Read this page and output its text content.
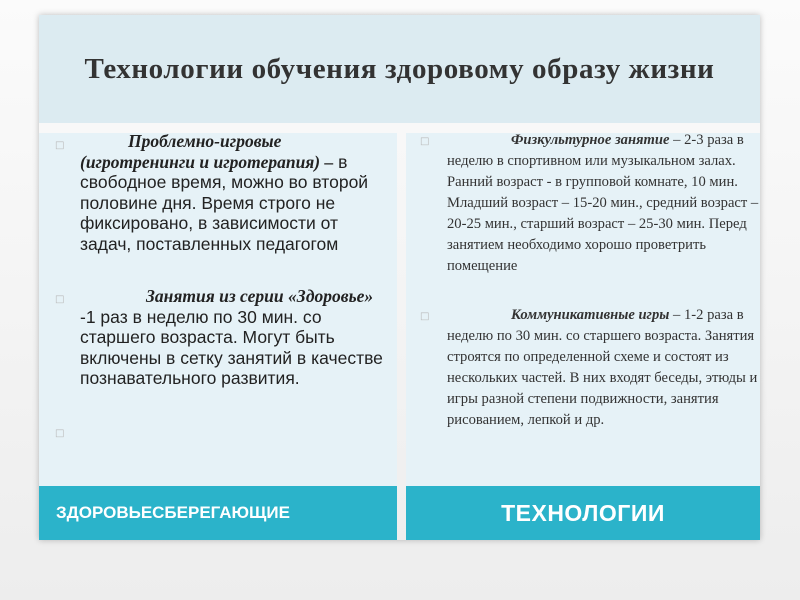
Технологии обучения здоровому образу жизни
ЗДОРОВЬЕСБЕРЕГАЮЩИЕ	ТЕХНОЛОГИИ
□	Проблемно-игровые (игротренинги и игротерапия) – в свободное время, можно во второй половине дня. Время строго не фиксировано, в зависимости от задач, поставленных педагогом
□	Занятия из серии «Здоровье» -1 раз в неделю по 30 мин. со старшего возраста. Могут быть включены в сетку занятий в качестве познавательного развития.
□
□	Физкультурное занятие – 2-3 раза в неделю в спортивном или музыкальном залах. Ранний возраст - в групповой комнате, 10 мин. Младший возраст – 15-20 мин., средний возраст – 20-25 мин., старший возраст – 25-30 мин. Перед занятием необходимо хорошо проветрить помещение
□	Коммуникативные игры – 1-2 раза в неделю по 30 мин. со старшего возраста. Занятия строятся по определенной схеме и состоят из нескольких частей. В них входят беседы, этюды и игры разной степени подвижности, занятия рисованием, лепкой и др.
